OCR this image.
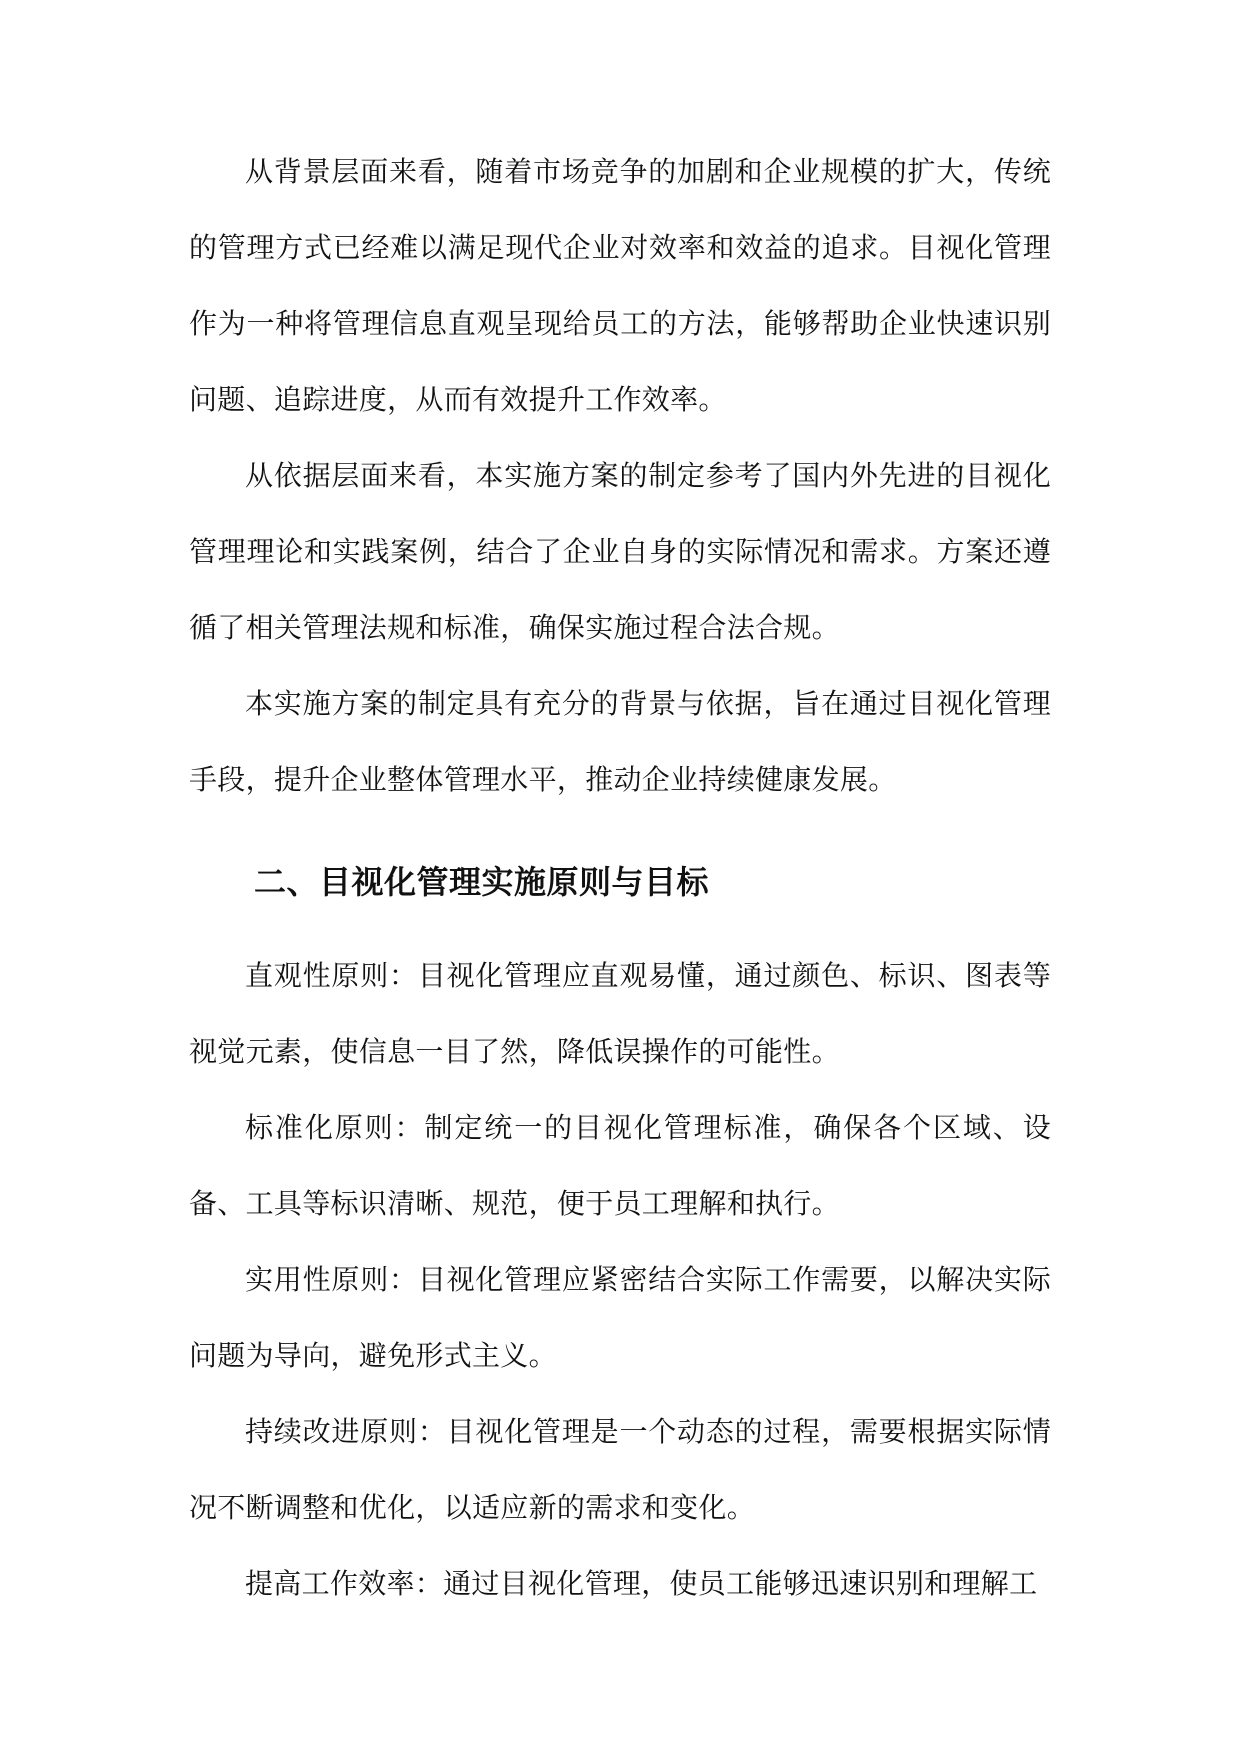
从背景层面来看，随着市场竞争的加剧和企业规模的扩大，传统的管理方式已经难以满足现代企业对效率和效益的追求。目视化管理作为一种将管理信息直观呈现给员工的方法，能够帮助企业快速识别问题、追踪进度，从而有效提升工作效率。

从依据层面来看，本实施方案的制定参考了国内外先进的目视化管理理论和实践案例，结合了企业自身的实际情况和需求。方案还遵循了相关管理法规和标准，确保实施过程合法合规。

本实施方案的制定具有充分的背景与依据，旨在通过目视化管理手段，提升企业整体管理水平，推动企业持续健康发展。

二、目视化管理实施原则与目标

直观性原则：目视化管理应直观易懂，通过颜色、标识、图表等视觉元素，使信息一目了然，降低误操作的可能性。

标准化原则：制定统一的目视化管理标准，确保各个区域、设备、工具等标识清晰、规范，便于员工理解和执行。

实用性原则：目视化管理应紧密结合实际工作需要，以解决实际问题为导向，避免形式主义。

持续改进原则：目视化管理是一个动态的过程，需要根据实际情况不断调整和优化，以适应新的需求和变化。

提高工作效率：通过目视化管理，使员工能够迅速识别和理解工
